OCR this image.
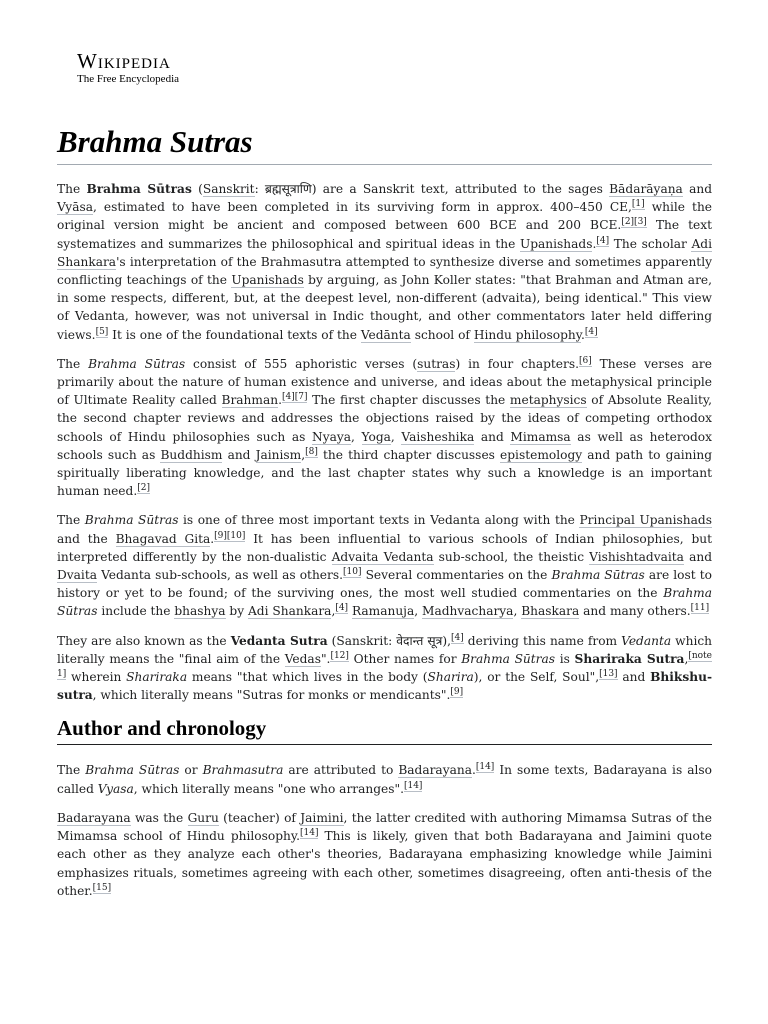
Wikipedia
The Free Encyclopedia
Brahma Sutras

The Brahma Sūtras (Sanskrit: ब्रह्मसूत्राणि) are a Sanskrit text, attributed to the sages Bādarāyaṇa and Vyāsa, estimated to have been completed in its surviving form in approx. 400–450 CE,[1] while the original version might be ancient and composed between 600 BCE and 200 BCE.[2][3] The text systematizes and summarizes the philosophical and spiritual ideas in the Upanishads.[4] The scholar Adi Shankara's interpretation of the Brahmasutra attempted to synthesize diverse and sometimes apparently conflicting teachings of the Upanishads by arguing, as John Koller states: "that Brahman and Atman are, in some respects, different, but, at the deepest level, non-different (advaita), being identical." This view of Vedanta, however, was not universal in Indic thought, and other commentators later held differing views.[5] It is one of the foundational texts of the Vedānta school of Hindu philosophy.[4]

The Brahma Sūtras consist of 555 aphoristic verses (sutras) in four chapters.[6] These verses are primarily about the nature of human existence and universe, and ideas about the metaphysical principle of Ultimate Reality called Brahman.[4][7] The first chapter discusses the metaphysics of Absolute Reality, the second chapter reviews and addresses the objections raised by the ideas of competing orthodox schools of Hindu philosophies such as Nyaya, Yoga, Vaisheshika and Mimamsa as well as heterodox schools such as Buddhism and Jainism,[8] the third chapter discusses epistemology and path to gaining spiritually liberating knowledge, and the last chapter states why such a knowledge is an important human need.[2]

The Brahma Sūtras is one of three most important texts in Vedanta along with the Principal Upanishads and the Bhagavad Gita.[9][10] It has been influential to various schools of Indian philosophies, but interpreted differently by the non-dualistic Advaita Vedanta sub-school, the theistic Vishishtadvaita and Dvaita Vedanta sub-schools, as well as others.[10] Several commentaries on the Brahma Sūtras are lost to history or yet to be found; of the surviving ones, the most well studied commentaries on the Brahma Sūtras include the bhashya by Adi Shankara,[4] Ramanuja, Madhvacharya, Bhaskara and many others.[11]

They are also known as the Vedanta Sutra (Sanskrit: वेदान्त सूत्र),[4] deriving this name from Vedanta which literally means the "final aim of the Vedas".[12] Other names for Brahma Sūtras is Shariraka Sutra,[note 1] wherein Shariraka means "that which lives in the body (Sharira), or the Self, Soul",[13] and Bhikshu-sutra, which literally means "Sutras for monks or mendicants".[9]

Author and chronology

The Brahma Sūtras or Brahmasutra are attributed to Badarayana.[14] In some texts, Badarayana is also called Vyasa, which literally means "one who arranges".[14]

Badarayana was the Guru (teacher) of Jaimini, the latter credited with authoring Mimamsa Sutras of the Mimamsa school of Hindu philosophy.[14] This is likely, given that both Badarayana and Jaimini quote each other as they analyze each other's theories, Badarayana emphasizing knowledge while Jaimini emphasizes rituals, sometimes agreeing with each other, sometimes disagreeing, often anti-thesis of the other.[15]
